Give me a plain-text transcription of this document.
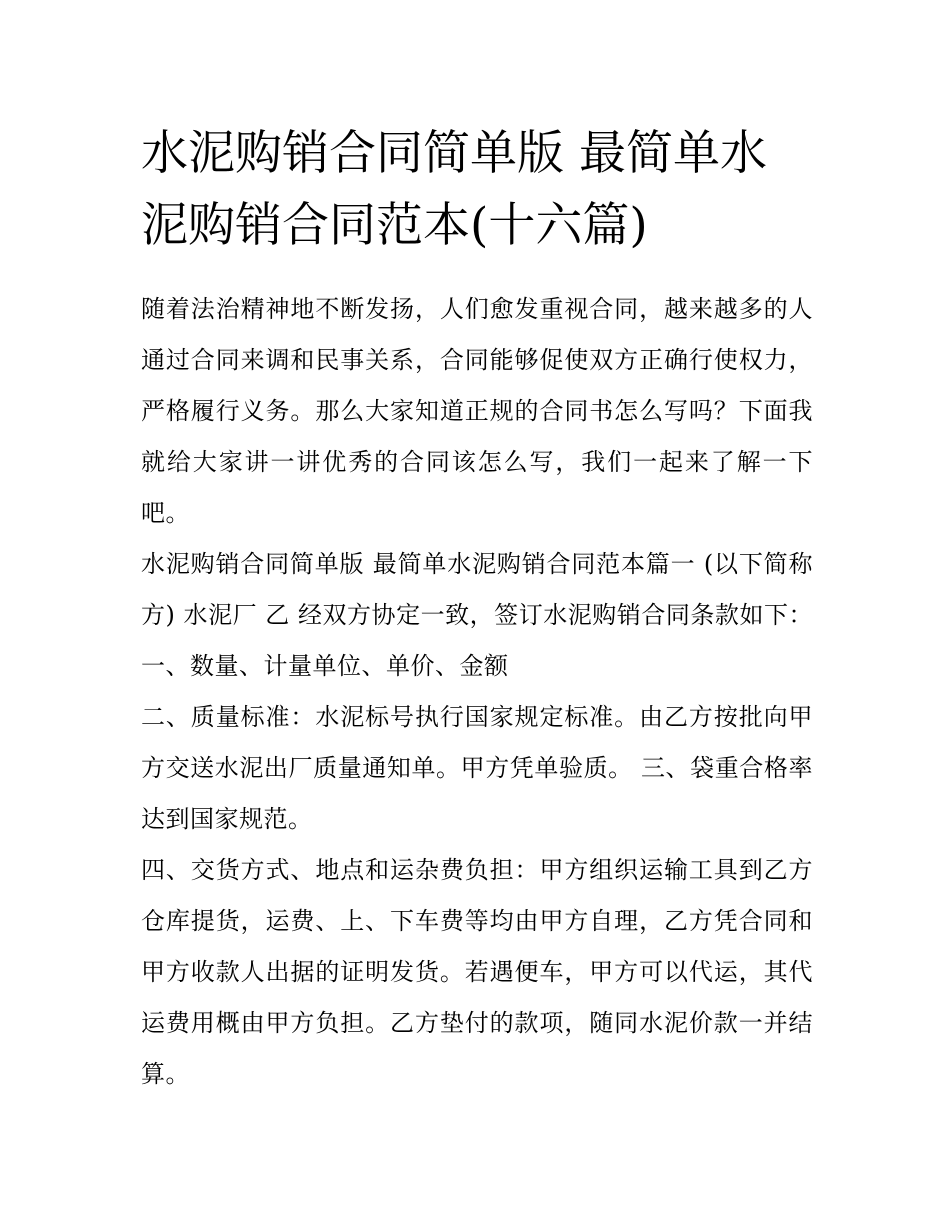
水泥购销合同简单版 最简单水泥购销合同范本(十六篇)

随着法治精神地不断发扬，人们愈发重视合同，越来越多的人通过合同来调和民事关系，合同能够促使双方正确行使权力，严格履行义务。那么大家知道正规的合同书怎么写吗？下面我就给大家讲一讲优秀的合同该怎么写，我们一起来了解一下吧。

水泥购销合同简单版 最简单水泥购销合同范本篇一 (以下简称方) 水泥厂 乙 经双方协定一致，签订水泥购销合同条款如下： 一、数量、计量单位、单价、金额

二、质量标准：水泥标号执行国家规定标准。由乙方按批向甲方交送水泥出厂质量通知单。甲方凭单验质。 三、袋重合格率达到国家规范。

四、交货方式、地点和运杂费负担：甲方组织运输工具到乙方仓库提货，运费、上、下车费等均由甲方自理，乙方凭合同和甲方收款人出据的证明发货。若遇便车，甲方可以代运，其代运费用概由甲方负担。乙方垫付的款项，随同水泥价款一并结算。
